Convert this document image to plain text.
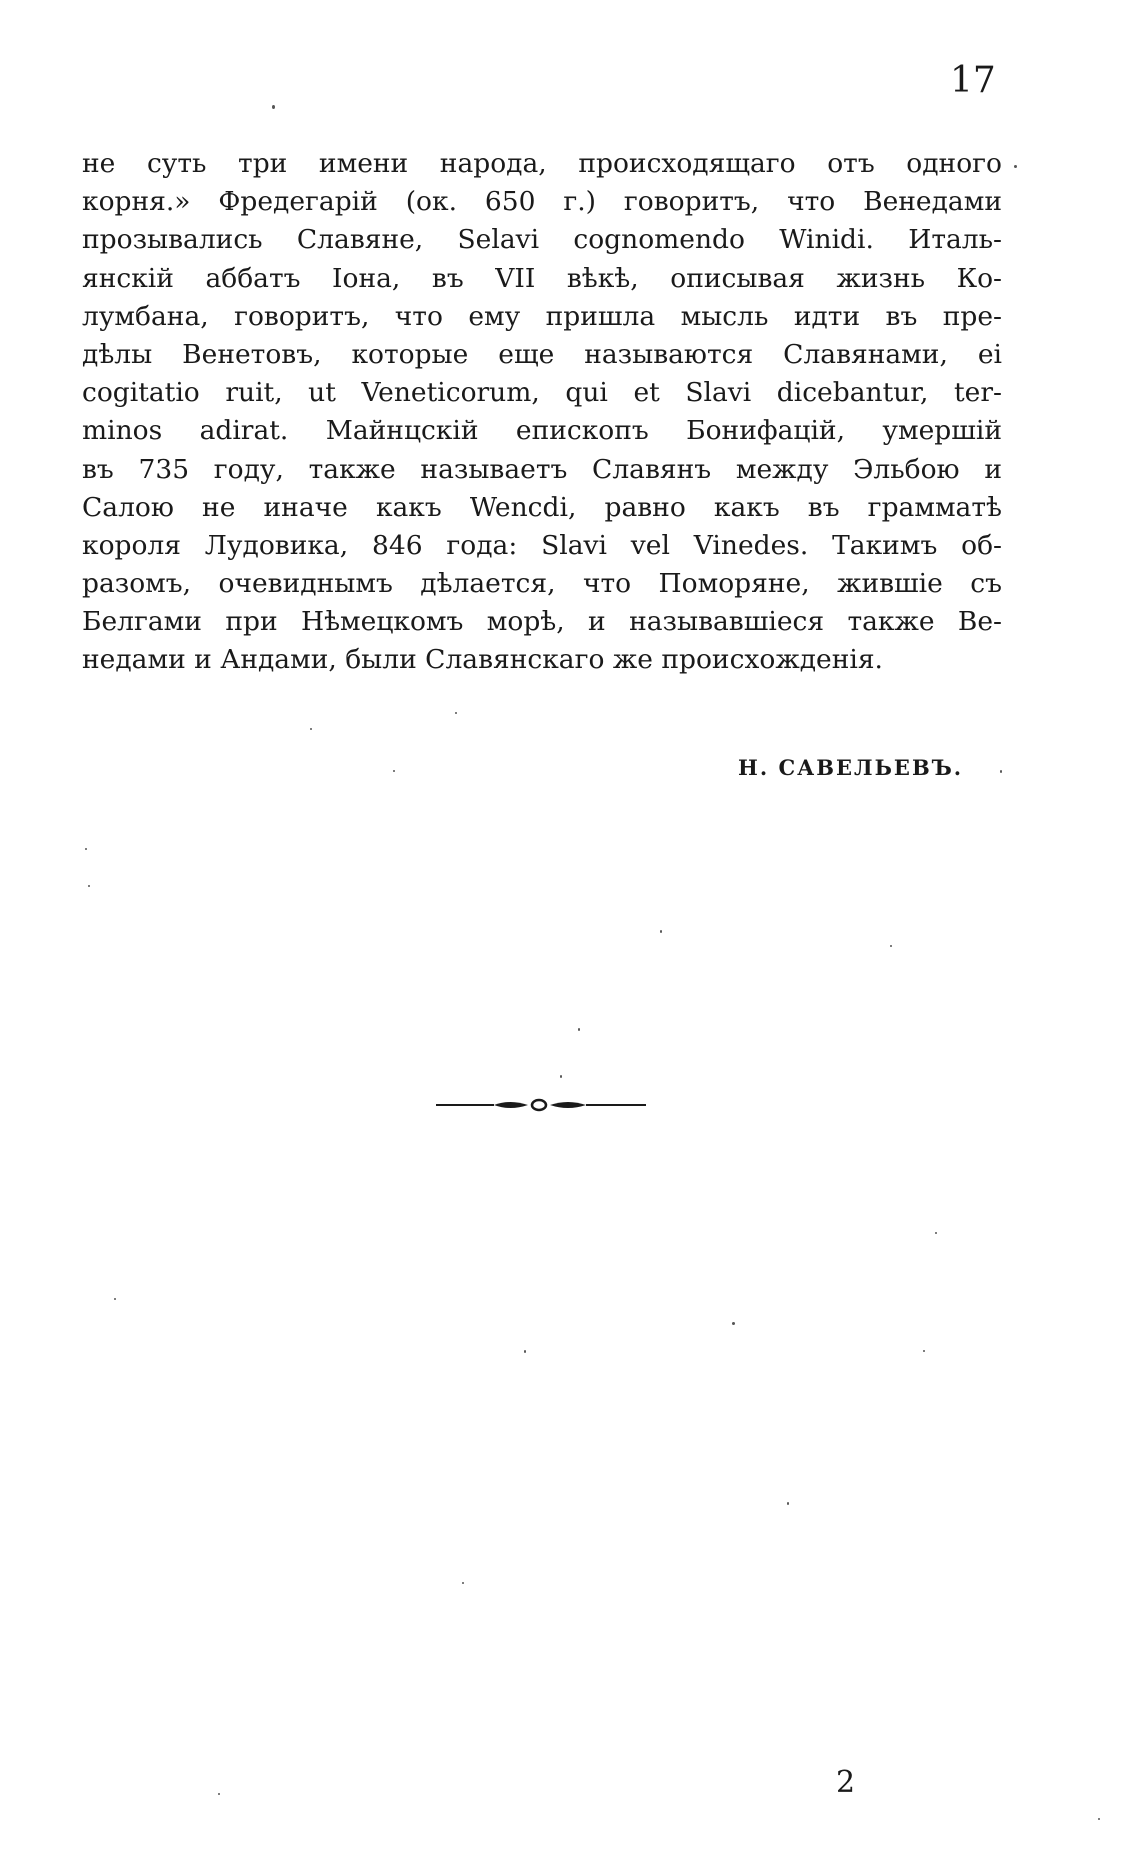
17
не суть три имени народа, происходящаго отъ одного
корня.» Фредегарій (ок. 650 г.) говоритъ, что Венедами
прозывались Славяне, Selavi cognomendo Winidi. Италь-
янскій аббатъ Іона, въ VII вѣкѣ, описывая жизнь Ко-
лумбана, говоритъ, что ему пришла мысль идти въ пре-
дѣлы Венетовъ, которые еще называются Славянами, ei
cogitatio ruit, ut Veneticorum, qui et Slavi dicebantur, ter-
minos adirat. Майнцскій епископъ Бонифацій, умершій
въ 735 году, также называетъ Славянъ между Эльбою и
Салою не иначе какъ Wencdi, равно какъ въ грамматѣ
короля Лудовика, 846 года: Slavi vel Vinedes. Такимъ об-
разомъ, очевиднымъ дѣлается, что Поморяне, жившіе съ
Белгами при Нѣмецкомъ морѣ, и называвшіеся также Ве-
недами и Андами, были Славянскаго же происхожденія.
Н. САВЕЛЬЕВЪ.
2
